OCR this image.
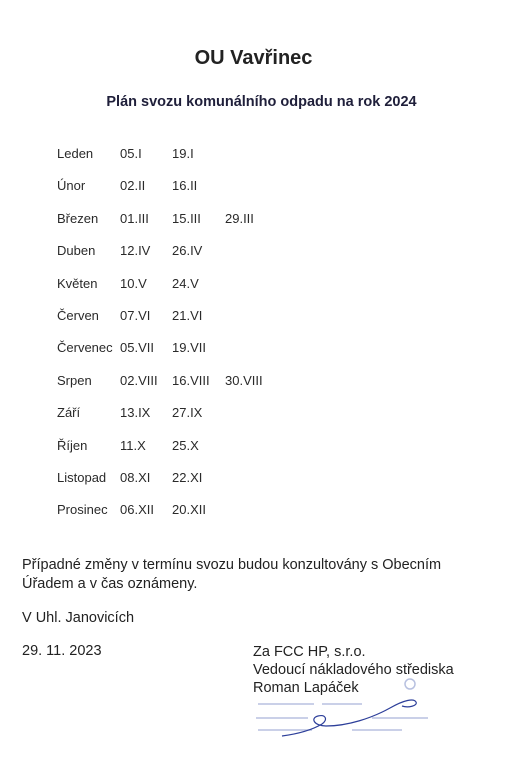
OU Vavřinec
Plán svozu komunálního odpadu na rok 2024
Leden 05.I 19.I
Únor	02.II 16.II
Březen 01.III 15.III 29.III
Duben 12.IV 26.IV
Květen 10.V 24.V
Červen 07.VI 21.VI
Červenec 05.VII 19.VII
Srpen 02.VIII 16.VIII 30.VIII
Září	13.IX 27.IX
Říjen	11.X 25.X
Listopad 08.XI 22.XI
Prosinec 06.XII 20.XII
Případné změny v termínu svozu budou konzultovány s Obecním Úřadem a v čas oznámeny.
V Uhl. Janovicích
29. 11. 2023	Za FCC HP, s.r.o.
Vedoucí nákladového střediska
Roman Lapáček
